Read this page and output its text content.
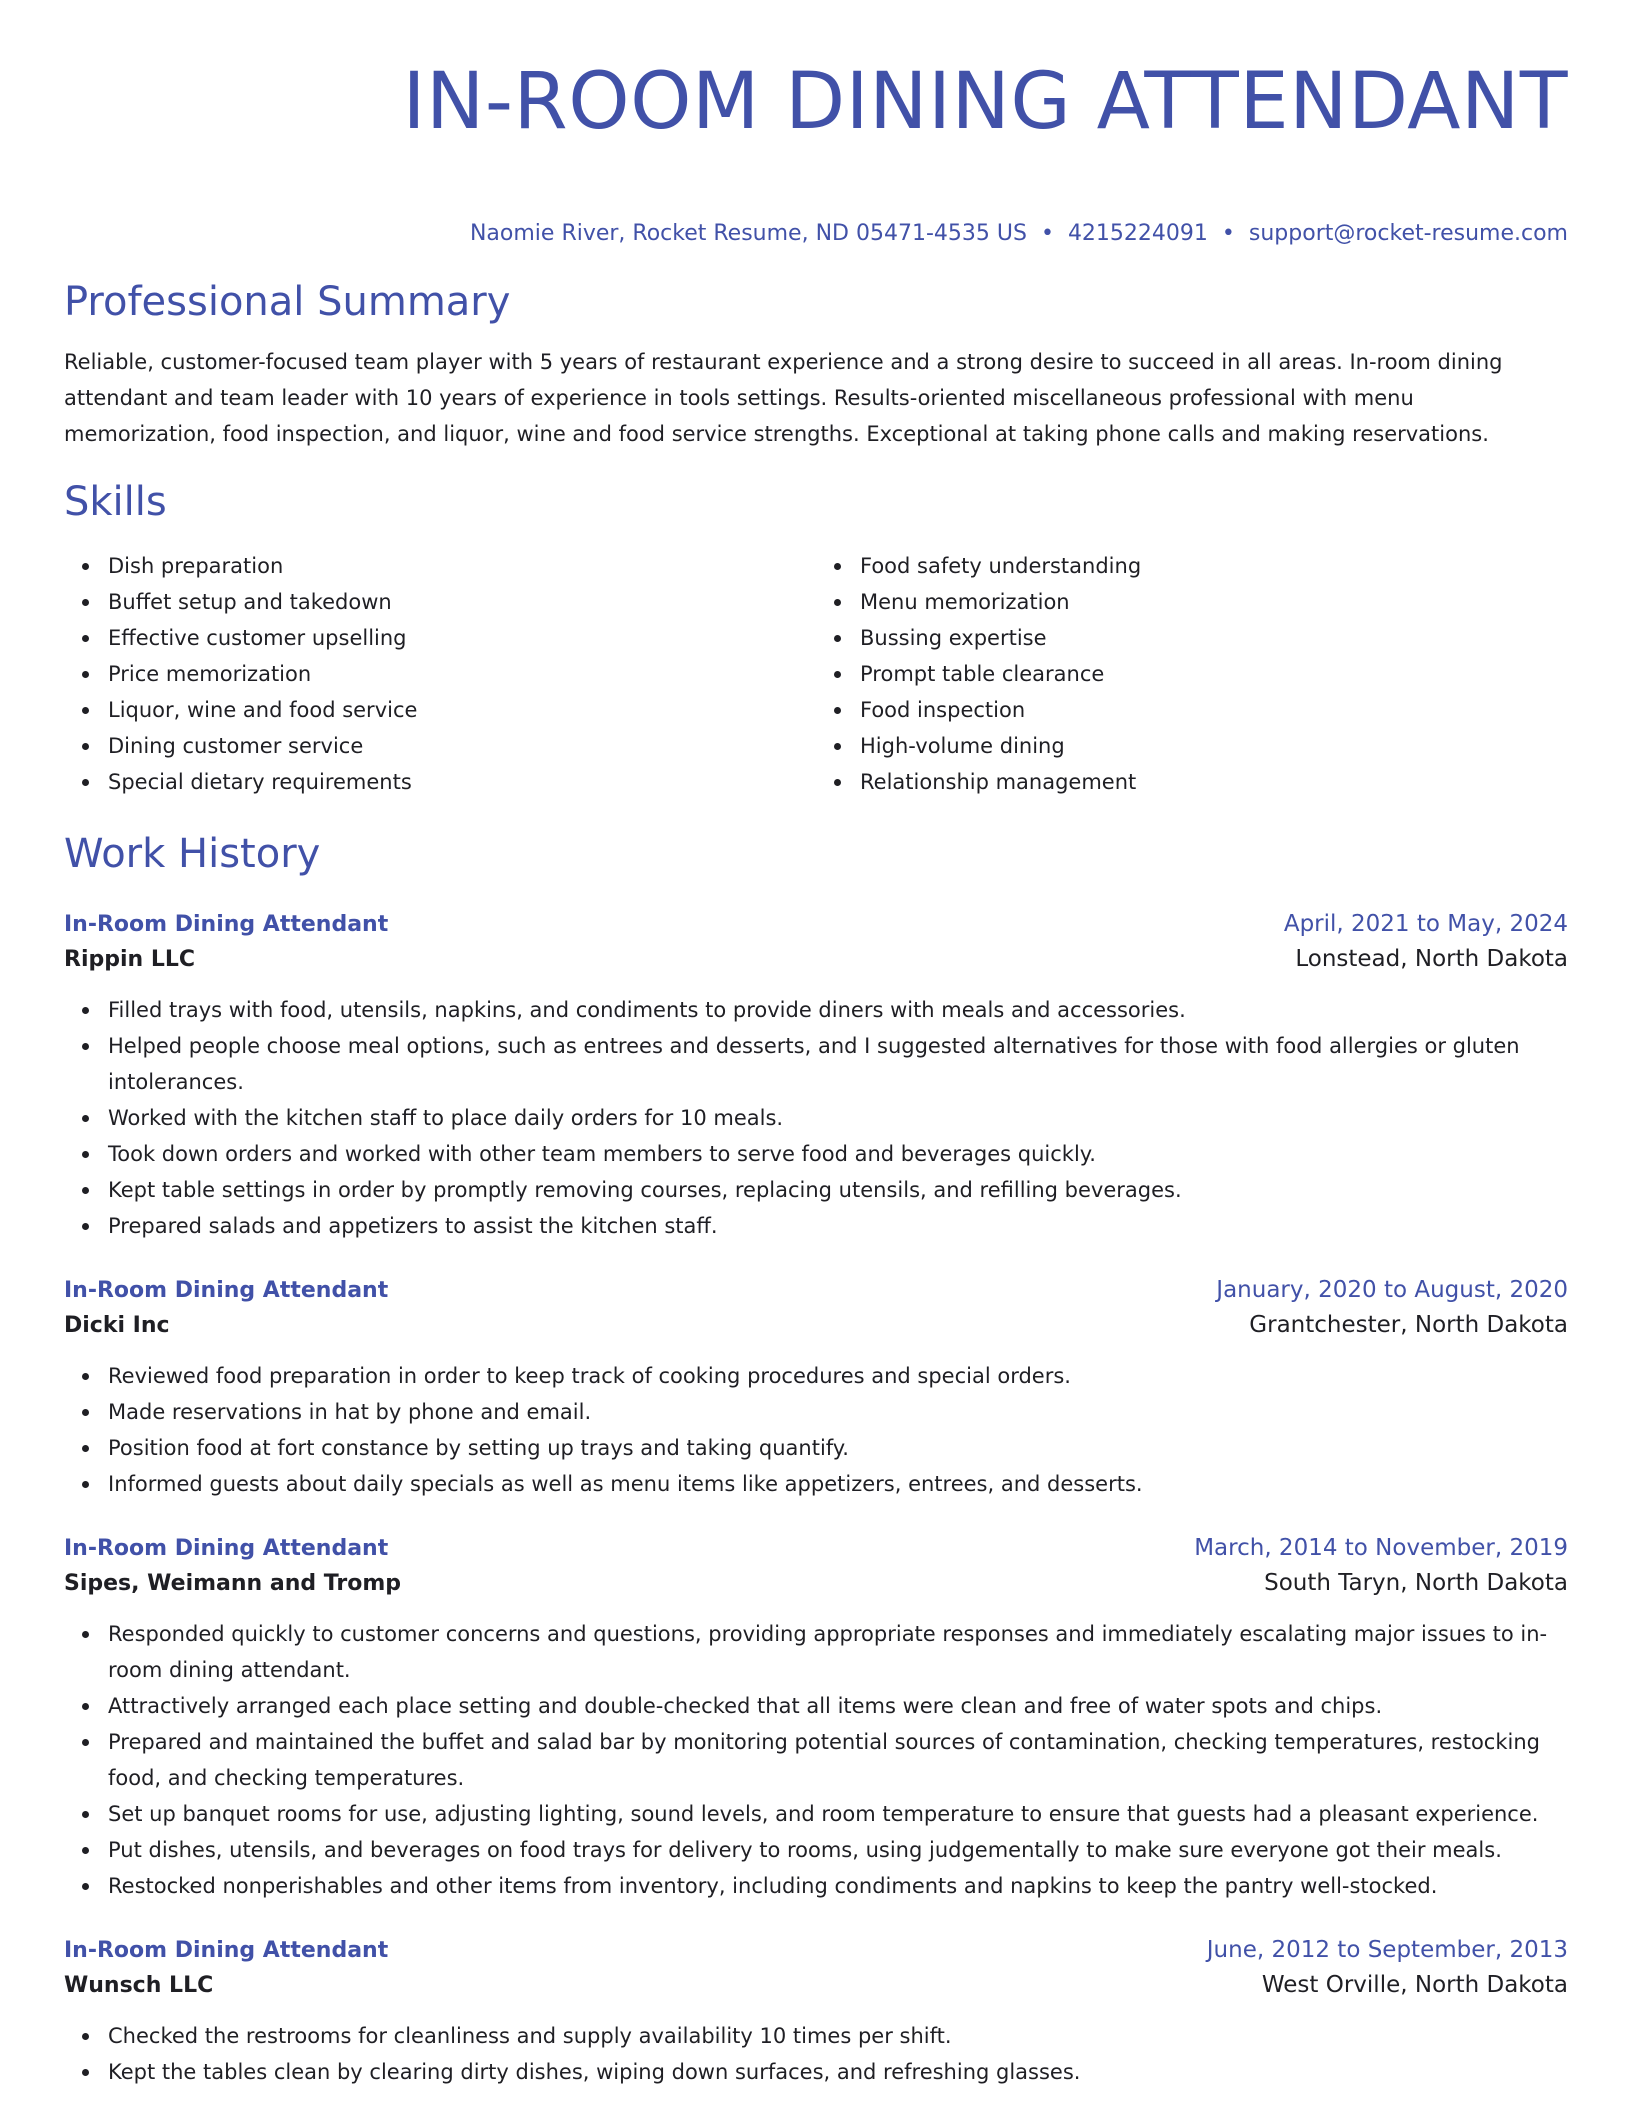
IN-ROOM DINING ATTENDANT
Naomie River, Rocket Resume, ND 05471-4535 US • 4215224091 • support@rocket-resume.com
Professional Summary
Reliable, customer-focused team player with 5 years of restaurant experience and a strong desire to succeed in all areas. In-room dining attendant and team leader with 10 years of experience in tools settings. Results-oriented miscellaneous professional with menu memorization, food inspection, and liquor, wine and food service strengths. Exceptional at taking phone calls and making reservations.
Skills
Dish preparation
Buffet setup and takedown
Effective customer upselling
Price memorization
Liquor, wine and food service
Dining customer service
Special dietary requirements
Food safety understanding
Menu memorization
Bussing expertise
Prompt table clearance
Food inspection
High-volume dining
Relationship management
Work History
In-Room Dining Attendant	April, 2021 to May, 2024
Rippin LLC	Lonstead, North Dakota
Filled trays with food, utensils, napkins, and condiments to provide diners with meals and accessories.
Helped people choose meal options, such as entrees and desserts, and I suggested alternatives for those with food allergies or gluten intolerances.
Worked with the kitchen staff to place daily orders for 10 meals.
Took down orders and worked with other team members to serve food and beverages quickly.
Kept table settings in order by promptly removing courses, replacing utensils, and refilling beverages.
Prepared salads and appetizers to assist the kitchen staff.
In-Room Dining Attendant	January, 2020 to August, 2020
Dicki Inc	Grantchester, North Dakota
Reviewed food preparation in order to keep track of cooking procedures and special orders.
Made reservations in hat by phone and email.
Position food at fort constance by setting up trays and taking quantify.
Informed guests about daily specials as well as menu items like appetizers, entrees, and desserts.
In-Room Dining Attendant	March, 2014 to November, 2019
Sipes, Weimann and Tromp	South Taryn, North Dakota
Responded quickly to customer concerns and questions, providing appropriate responses and immediately escalating major issues to in-room dining attendant.
Attractively arranged each place setting and double-checked that all items were clean and free of water spots and chips.
Prepared and maintained the buffet and salad bar by monitoring potential sources of contamination, checking temperatures, restocking food, and checking temperatures.
Set up banquet rooms for use, adjusting lighting, sound levels, and room temperature to ensure that guests had a pleasant experience.
Put dishes, utensils, and beverages on food trays for delivery to rooms, using judgementally to make sure everyone got their meals.
Restocked nonperishables and other items from inventory, including condiments and napkins to keep the pantry well-stocked.
In-Room Dining Attendant	June, 2012 to September, 2013
Wunsch LLC	West Orville, North Dakota
Checked the restrooms for cleanliness and supply availability 10 times per shift.
Kept the tables clean by clearing dirty dishes, wiping down surfaces, and refreshing glasses.
